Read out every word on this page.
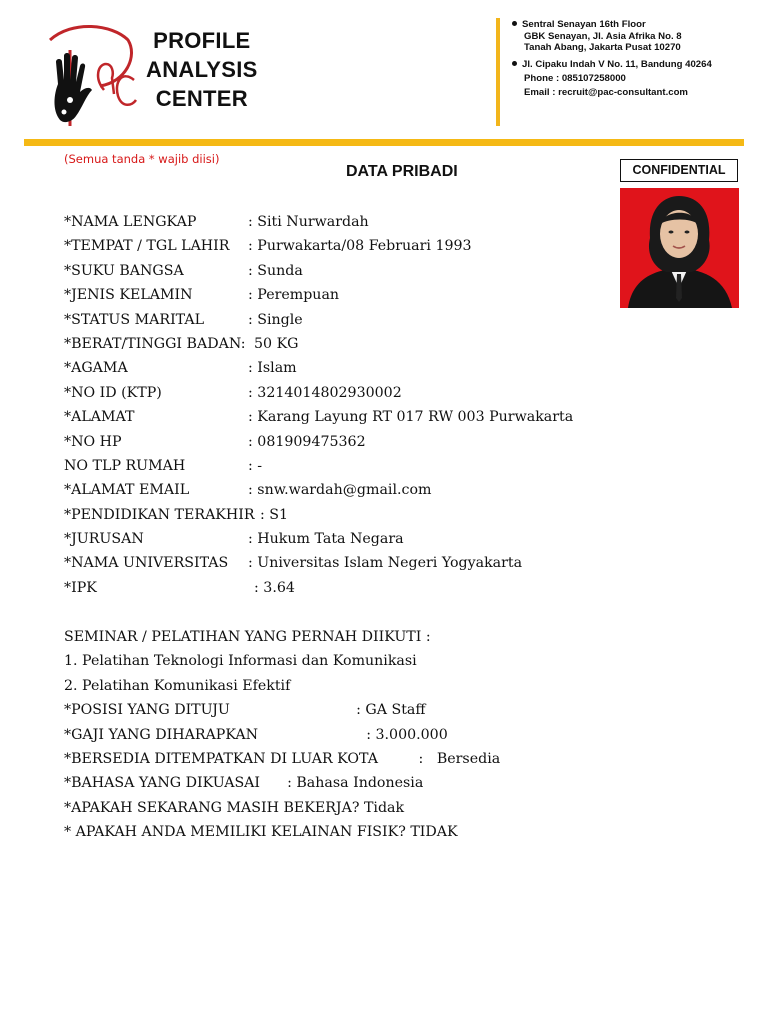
PROFILE
ANALYSIS
CENTER
Sentral Senayan 16th Floor
GBK Senayan, Jl. Asia Afrika No. 8
Tanah Abang, Jakarta Pusat 10270
Jl. Cipaku Indah V No. 11, Bandung 40264
Phone : 085107258000
Email : recruit@pac-consultant.com
(Semua tanda * wajib diisi)
DATA PRIBADI	CONFIDENTIAL
*NAMA LENGKAP	: Siti Nurwardah
*TEMPAT / TGL LAHIR : Purwakarta/08 Februari 1993
*SUKU BANGSA	: Sunda
*JENIS KELAMIN	: Perempuan
*STATUS MARITAL	: Single
*BERAT/TINGGI BADAN: 50 KG
*AGAMA	: Islam
*NO ID (KTP)	: 3214014802930002
*ALAMAT	: Karang Layung RT 017 RW 003 Purwakarta
*NO HP	: 081909475362
NO TLP RUMAH	: -
*ALAMAT EMAIL	: snw.wardah@gmail.com
*PENDIDIKAN TERAKHIR : S1
*JURUSAN	: Hukum Tata Negara
*NAMA UNIVERSITAS : Universitas Islam Negeri Yogyakarta
*IPK	: 3.64
SEMINAR / PELATIHAN YANG PERNAH DIIKUTI :
1. Pelatihan Teknologi Informasi dan Komunikasi
2. Pelatihan Komunikasi Efektif
*POSISI YANG DITUJU                            : GA Staff
*GAJI YANG DIHARAPKAN                        : 3.000.000
*BERSEDIA DITEMPATKAN DI LUAR KOTA         :   Bersedia
*BAHASA YANG DIKUASAI      : Bahasa Indonesia
*APAKAH SEKARANG MASIH BEKERJA? Tidak
* APAKAH ANDA MEMILIKI KELAINAN FISIK? TIDAK
